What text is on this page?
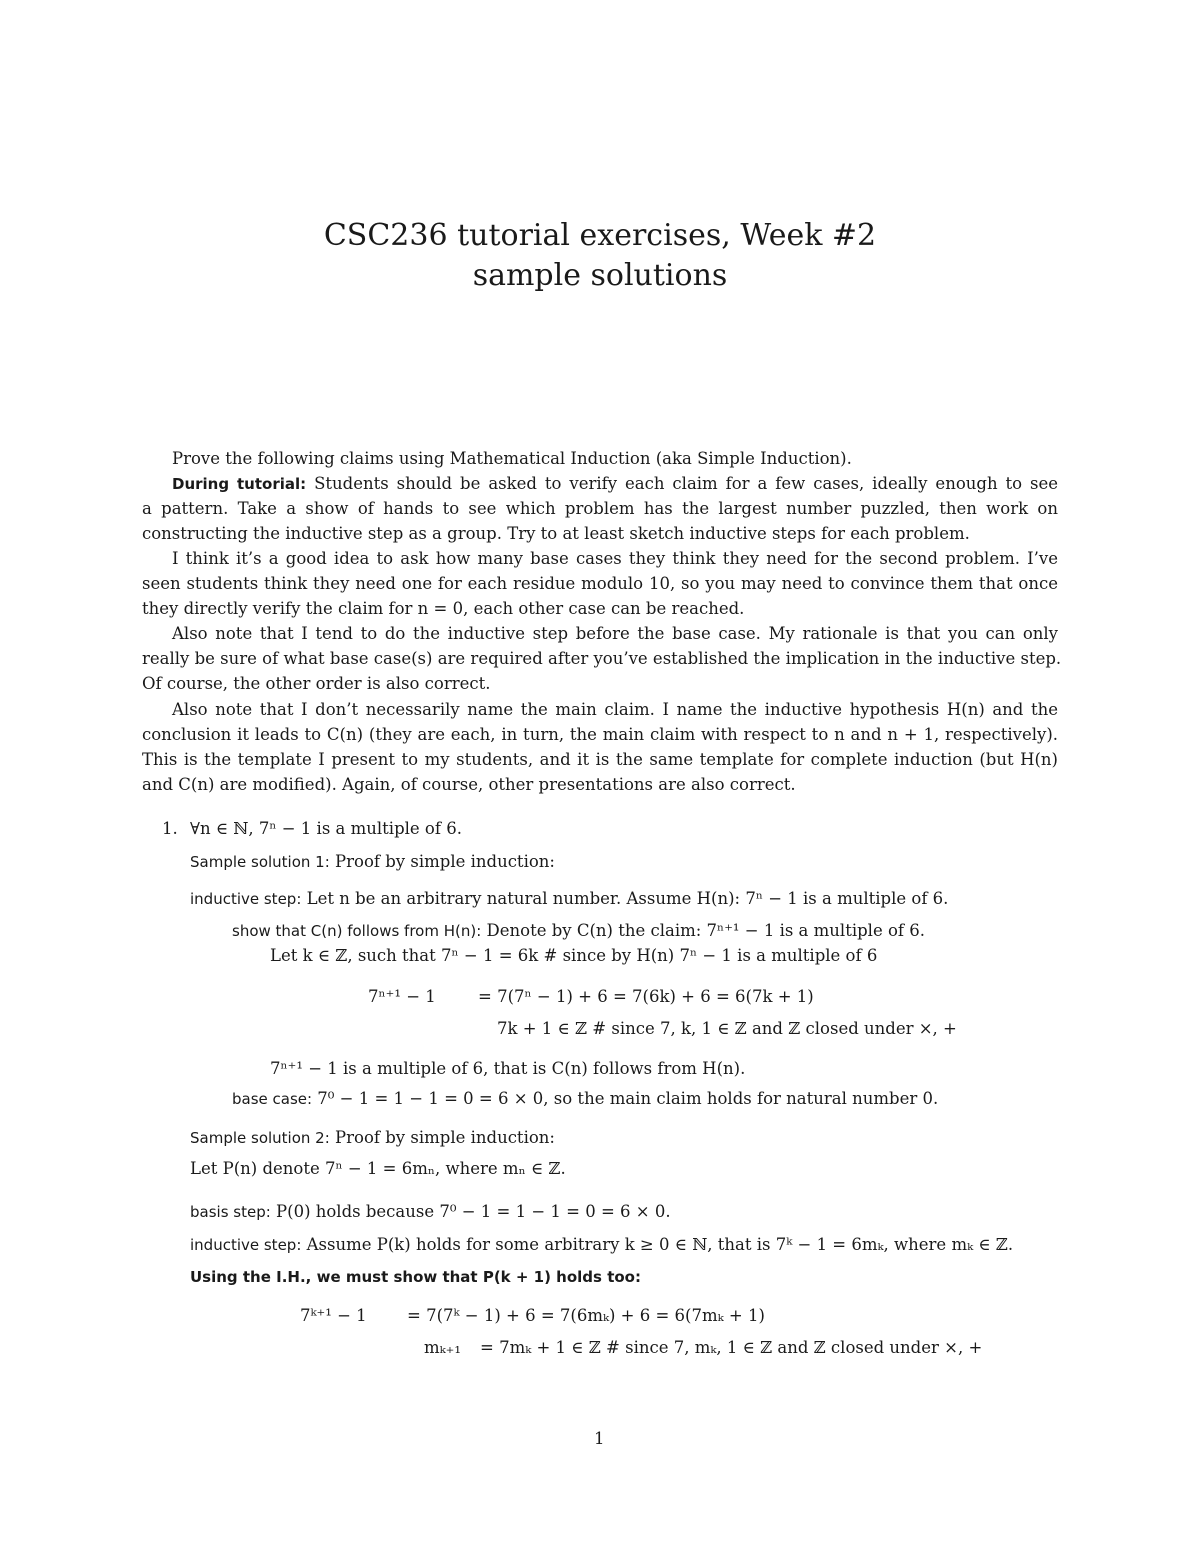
CSC236 tutorial exercises, Week #2
sample solutions
Prove the following claims using Mathematical Induction (aka Simple Induction).
During tutorial: Students should be asked to verify each claim for a few cases, ideally enough to see
a pattern. Take a show of hands to see which problem has the largest number puzzled, then work on
constructing the inductive step as a group. Try to at least sketch inductive steps for each problem.
I think it’s a good idea to ask how many base cases they think they need for the second problem. I’ve
seen students think they need one for each residue modulo 10, so you may need to convince them that once
they directly verify the claim for n = 0, each other case can be reached.
Also note that I tend to do the inductive step before the base case. My rationale is that you can only
really be sure of what base case(s) are required after you’ve established the implication in the inductive step.
Of course, the other order is also correct.
Also note that I don’t necessarily name the main claim. I name the inductive hypothesis H(n) and the
conclusion it leads to C(n) (they are each, in turn, the main claim with respect to n and n + 1, respectively).
This is the template I present to my students, and it is the same template for complete induction (but H(n)
and C(n) are modified). Again, of course, other presentations are also correct.
1. ∀n ∈ ℕ, 7ⁿ − 1 is a multiple of 6.
Sample solution 1: Proof by simple induction:
inductive step: Let n be an arbitrary natural number. Assume H(n): 7ⁿ − 1 is a multiple of 6.
show that C(n) follows from H(n): Denote by C(n) the claim: 7ⁿ⁺¹ − 1 is a multiple of 6.
Let k ∈ ℤ, such that 7ⁿ − 1 = 6k # since by H(n) 7ⁿ − 1 is a multiple of 6
7ⁿ⁺¹ − 1	= 7(7ⁿ − 1) + 6 = 7(6k) + 6 = 6(7k + 1)
7k + 1 ∈ ℤ # since 7, k, 1 ∈ ℤ and ℤ closed under ×, +
7ⁿ⁺¹ − 1 is a multiple of 6, that is C(n) follows from H(n).
base case: 7⁰ − 1 = 1 − 1 = 0 = 6 × 0, so the main claim holds for natural number 0.
Sample solution 2: Proof by simple induction:
Let P(n) denote 7ⁿ − 1 = 6mₙ, where mₙ ∈ ℤ.
basis step: P(0) holds because 7⁰ − 1 = 1 − 1 = 0 = 6 × 0.
inductive step: Assume P(k) holds for some arbitrary k ≥ 0 ∈ ℕ, that is 7ᵏ − 1 = 6mₖ, where mₖ ∈ ℤ.
Using the I.H., we must show that P(k + 1) holds too:
7ᵏ⁺¹ − 1 = 7(7ᵏ − 1) + 6 = 7(6mₖ) + 6 = 6(7mₖ + 1)
mₖ₊₁ = 7mₖ + 1 ∈ ℤ # since 7, mₖ, 1 ∈ ℤ and ℤ closed under ×, +
1
